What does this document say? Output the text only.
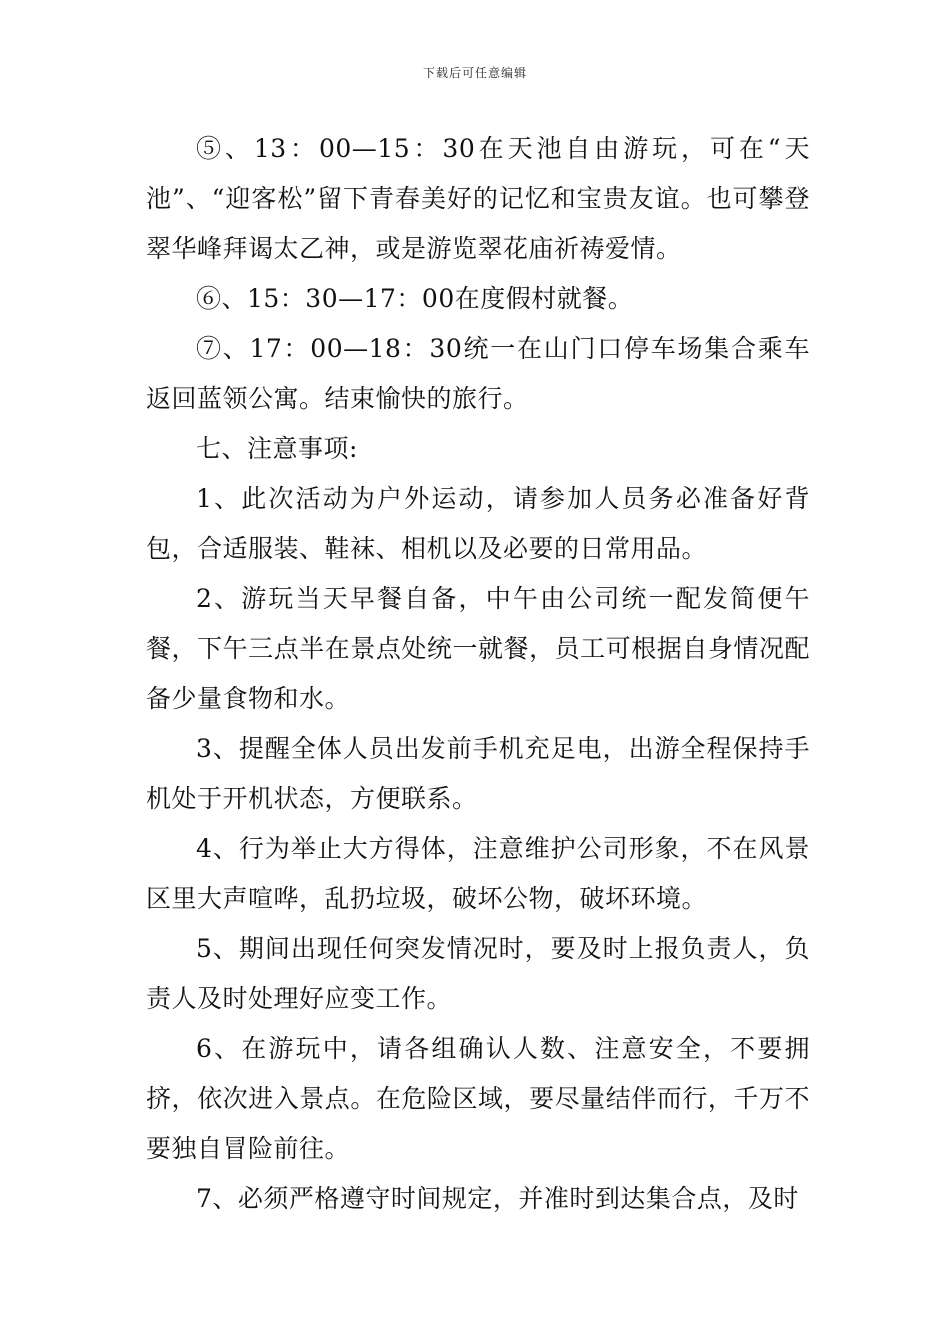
下载后可任意编辑

⑤、13：00—15：30在天池自由游玩，可在“天池”、“迎客松”留下青春美好的记忆和宝贵友谊。也可攀登翠华峰拜谒太乙神，或是游览翠花庙祈祷爱情。

⑥、15：30—17：00在度假村就餐。

⑦、17：00—18：30统一在山门口停车场集合乘车返回蓝领公寓。结束愉快的旅行。

七、注意事项:

1、此次活动为户外运动，请参加人员务必准备好背包，合适服装、鞋袜、相机以及必要的日常用品。

2、游玩当天早餐自备，中午由公司统一配发简便午餐，下午三点半在景点处统一就餐，员工可根据自身情况配备少量食物和水。

3、提醒全体人员出发前手机充足电，出游全程保持手机处于开机状态，方便联系。

4、行为举止大方得体，注意维护公司形象，不在风景区里大声喧哗，乱扔垃圾，破坏公物，破坏环境。

5、期间出现任何突发情况时，要及时上报负责人，负责人及时处理好应变工作。

6、在游玩中，请各组确认人数、注意安全，不要拥挤，依次进入景点。在危险区域，要尽量结伴而行，千万不要独自冒险前往。

7、必须严格遵守时间规定，并准时到达集合点，及时
